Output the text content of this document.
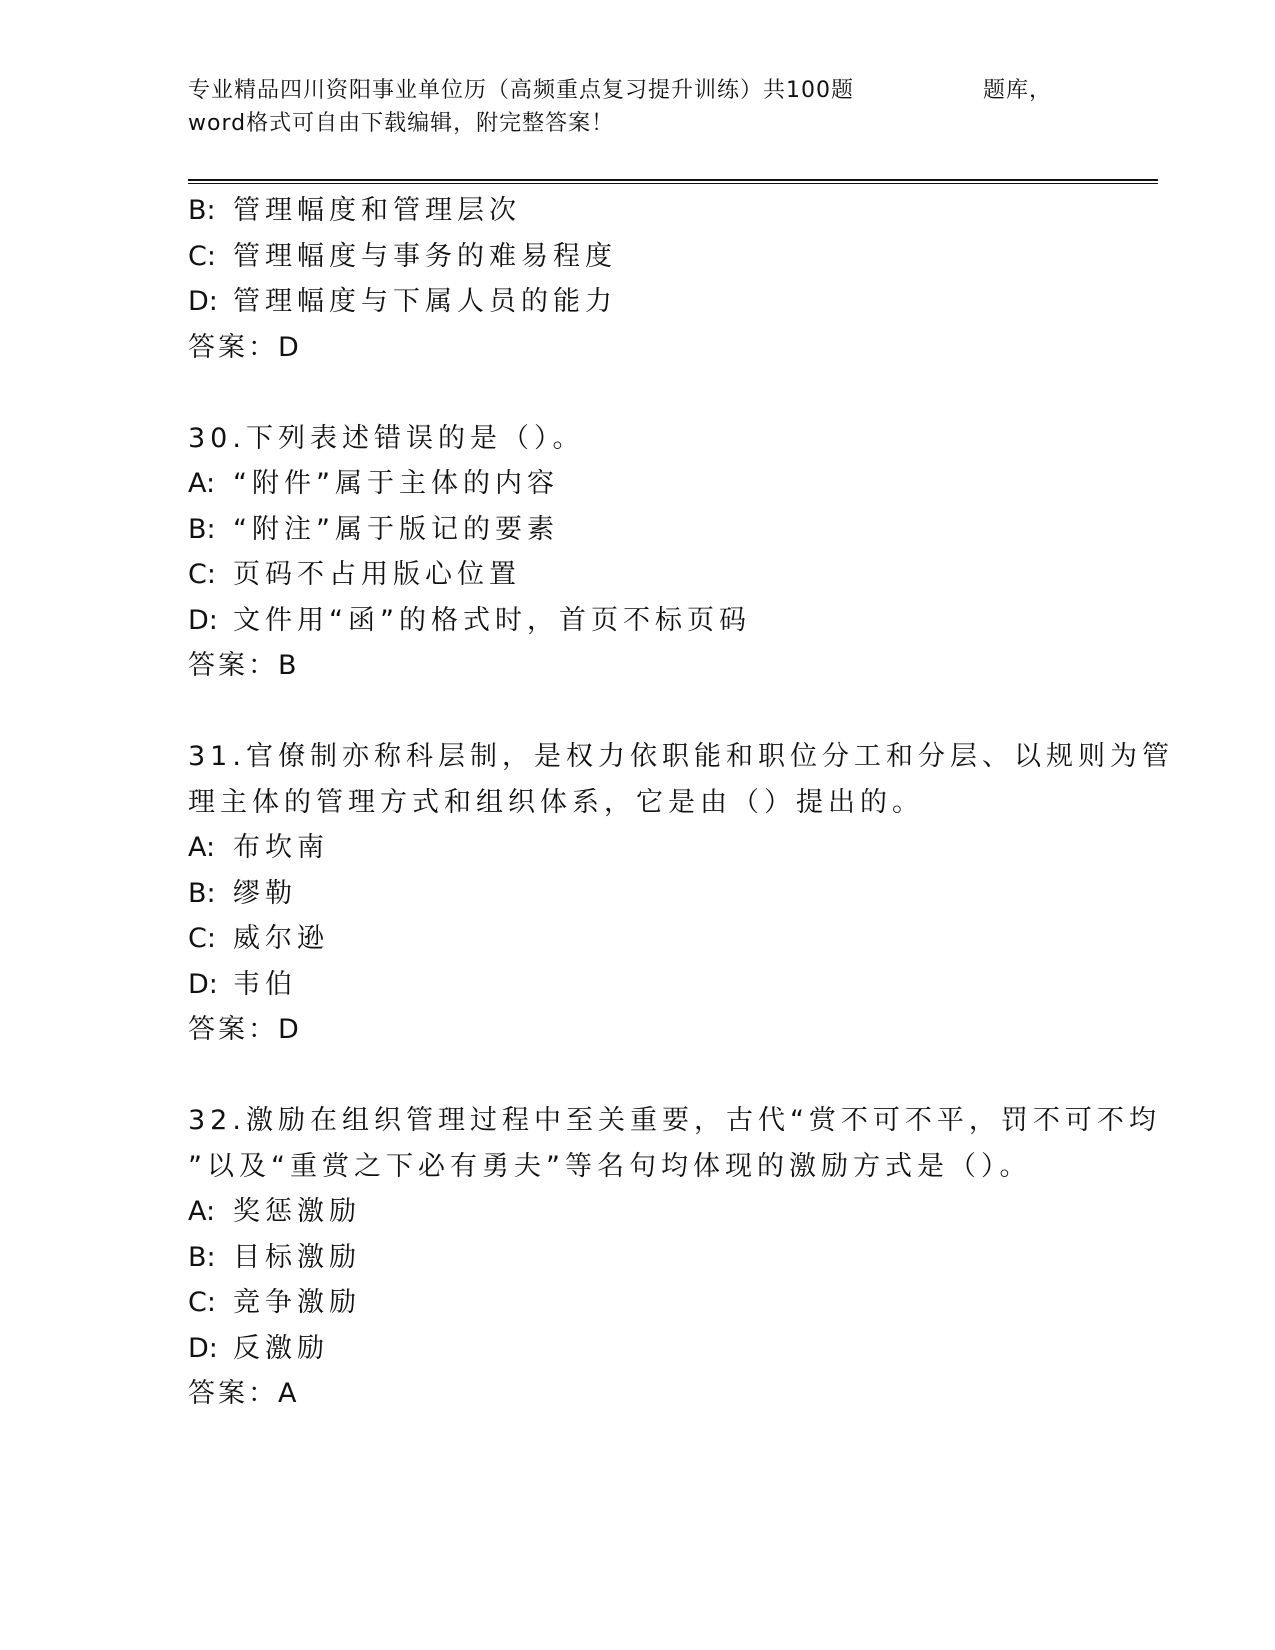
专业精品四川资阳事业单位历（高频重点复习提升训练）共100题	题库，
word格式可自由下载编辑，附完整答案！
B: 管理幅度和管理层次
C: 管理幅度与事务的难易程度
D: 管理幅度与下属人员的能力
答案：D
30.下列表述错误的是（）。
A: “附件”属于主体的内容
B: “附注”属于版记的要素
C: 页码不占用版心位置
D: 文件用“函”的格式时，首页不标页码
答案：B
31.官僚制亦称科层制，是权力依职能和职位分工和分层、以规则为管
理主体的管理方式和组织体系，它是由（）提出的。
A: 布坎南
B: 缪勒
C: 威尔逊
D: 韦伯
答案：D
32.激励在组织管理过程中至关重要，古代“赏不可不平，罚不可不均
”以及“重赏之下必有勇夫”等名句均体现的激励方式是（）。
A: 奖惩激励
B: 目标激励
C: 竞争激励
D: 反激励
答案：A
